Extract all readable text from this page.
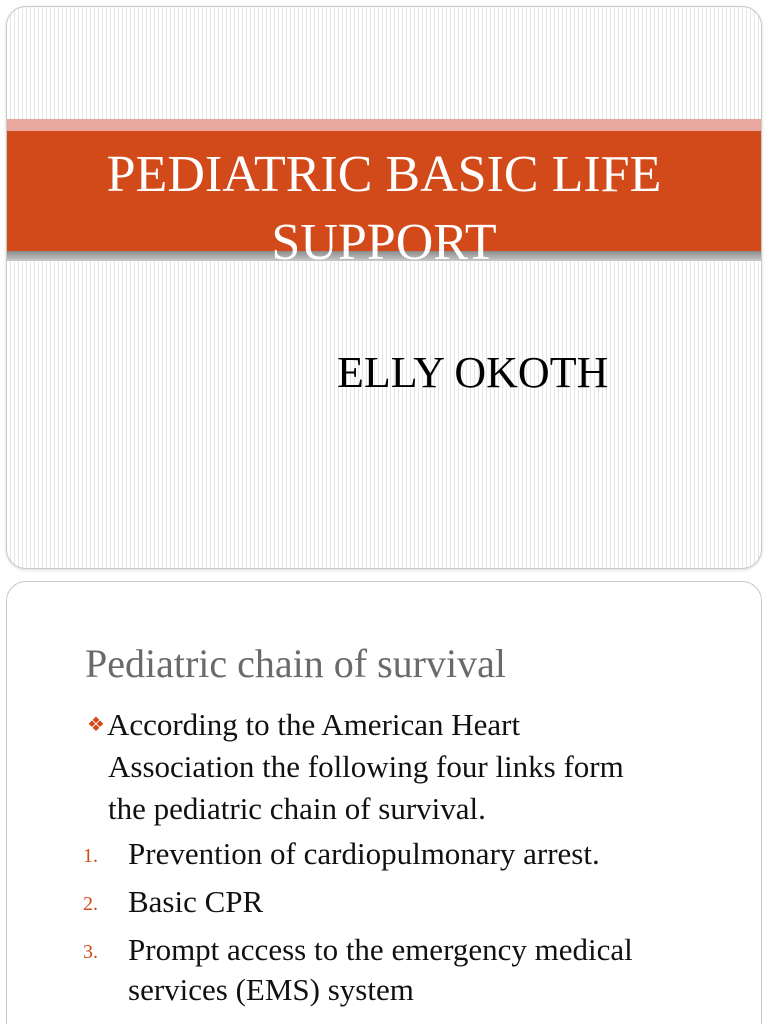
PEDIATRIC BASIC LIFE SUPPORT

ELLY OKOTH

Pediatric chain of survival
❖According to the American Heart
Association the following four links form
the pediatric chain of survival.
1. Prevention of cardiopulmonary arrest.
2. Basic CPR
3. Prompt access to the emergency medical services (EMS) system
